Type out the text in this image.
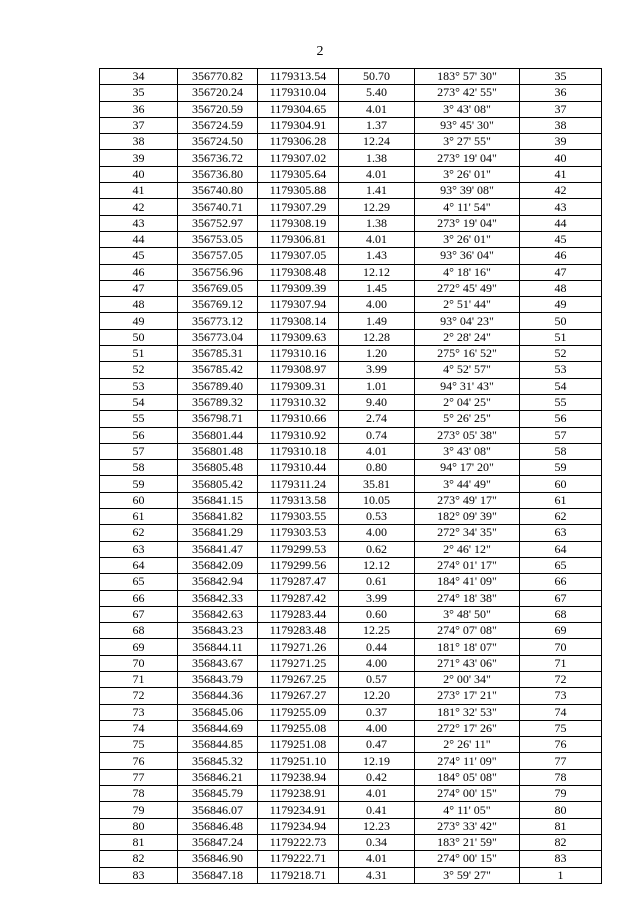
2
34	356770.82	1179313.54	50.70	183° 57' 30"	35
35	356720.24	1179310.04	5.40	273° 42' 55"	36
36	356720.59	1179304.65	4.01	3° 43' 08"	37
37	356724.59	1179304.91	1.37	93° 45' 30"	38
38	356724.50	1179306.28	12.24	3° 27' 55"	39
39	356736.72	1179307.02	1.38	273° 19' 04"	40
40	356736.80	1179305.64	4.01	3° 26' 01"	41
41	356740.80	1179305.88	1.41	93° 39' 08"	42
42	356740.71	1179307.29	12.29	4° 11' 54"	43
43	356752.97	1179308.19	1.38	273° 19' 04"	44
44	356753.05	1179306.81	4.01	3° 26' 01"	45
45	356757.05	1179307.05	1.43	93° 36' 04"	46
46	356756.96	1179308.48	12.12	4° 18' 16"	47
47	356769.05	1179309.39	1.45	272° 45' 49"	48
48	356769.12	1179307.94	4.00	2° 51' 44"	49
49	356773.12	1179308.14	1.49	93° 04' 23"	50
50	356773.04	1179309.63	12.28	2° 28' 24"	51
51	356785.31	1179310.16	1.20	275° 16' 52"	52
52	356785.42	1179308.97	3.99	4° 52' 57"	53
53	356789.40	1179309.31	1.01	94° 31' 43"	54
54	356789.32	1179310.32	9.40	2° 04' 25"	55
55	356798.71	1179310.66	2.74	5° 26' 25"	56
56	356801.44	1179310.92	0.74	273° 05' 38"	57
57	356801.48	1179310.18	4.01	3° 43' 08"	58
58	356805.48	1179310.44	0.80	94° 17' 20"	59
59	356805.42	1179311.24	35.81	3° 44' 49"	60
60	356841.15	1179313.58	10.05	273° 49' 17"	61
61	356841.82	1179303.55	0.53	182° 09' 39"	62
62	356841.29	1179303.53	4.00	272° 34' 35"	63
63	356841.47	1179299.53	0.62	2° 46' 12"	64
64	356842.09	1179299.56	12.12	274° 01' 17"	65
65	356842.94	1179287.47	0.61	184° 41' 09"	66
66	356842.33	1179287.42	3.99	274° 18' 38"	67
67	356842.63	1179283.44	0.60	3° 48' 50"	68
68	356843.23	1179283.48	12.25	274° 07' 08"	69
69	356844.11	1179271.26	0.44	181° 18' 07"	70
70	356843.67	1179271.25	4.00	271° 43' 06"	71
71	356843.79	1179267.25	0.57	2° 00' 34"	72
72	356844.36	1179267.27	12.20	273° 17' 21"	73
73	356845.06	1179255.09	0.37	181° 32' 53"	74
74	356844.69	1179255.08	4.00	272° 17' 26"	75
75	356844.85	1179251.08	0.47	2° 26' 11"	76
76	356845.32	1179251.10	12.19	274° 11' 09"	77
77	356846.21	1179238.94	0.42	184° 05' 08"	78
78	356845.79	1179238.91	4.01	274° 00' 15"	79
79	356846.07	1179234.91	0.41	4° 11' 05"	80
80	356846.48	1179234.94	12.23	273° 33' 42"	81
81	356847.24	1179222.73	0.34	183° 21' 59"	82
82	356846.90	1179222.71	4.01	274° 00' 15"	83
83	356847.18	1179218.71	4.31	3° 59' 27"	1
